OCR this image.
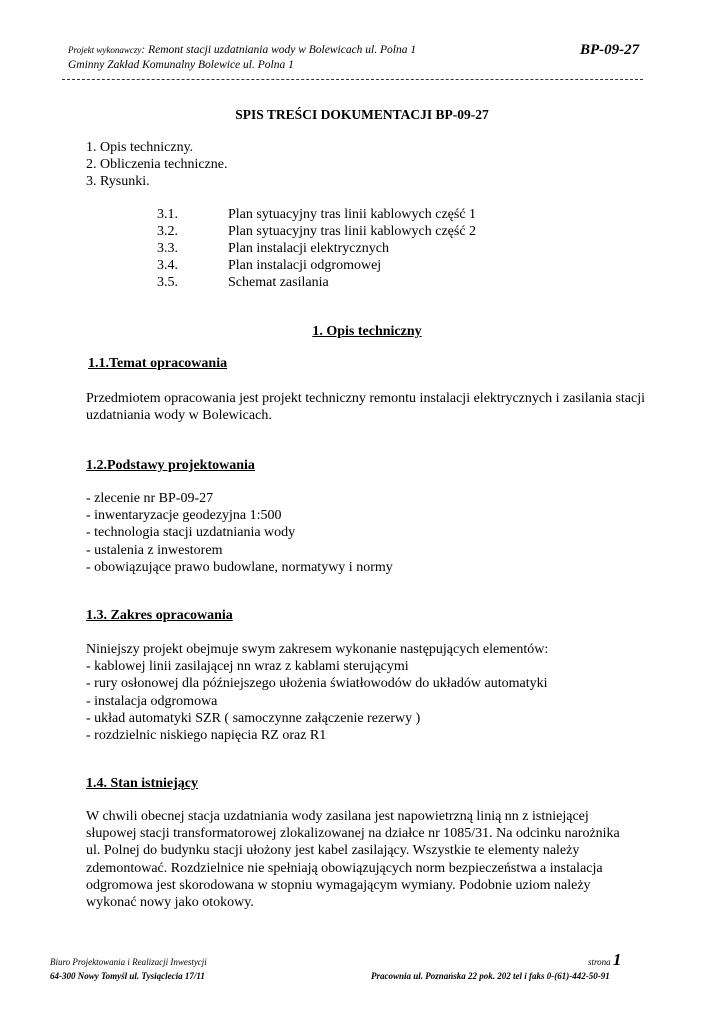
Projekt wykonawczy: Remont stacji uzdatniania wody w Bolewicach ul. Polna 1
Gminny Zakład Komunalny Bolewice ul. Polna 1
BP-09-27
SPIS TREŚCI DOKUMENTACJI BP-09-27
1. Opis techniczny.
2. Obliczenia techniczne.
3. Rysunki.
3.1.	Plan sytuacyjny tras linii kablowych część 1
3.2.	Plan sytuacyjny tras linii kablowych część 2
3.3.	Plan instalacji elektrycznych
3.4.	Plan instalacji odgromowej
3.5.	Schemat zasilania
1. Opis techniczny
1.1.Temat opracowania
Przedmiotem opracowania jest projekt techniczny remontu instalacji elektrycznych i zasilania stacji uzdatniania wody w Bolewicach.
1.2.Podstawy projektowania
- zlecenie nr BP-09-27
- inwentaryzacje geodezyjna 1:500
- technologia stacji uzdatniania wody
- ustalenia z inwestorem
- obowiązujące prawo budowlane, normatywy i normy
1.3. Zakres opracowania
Niniejszy projekt obejmuje swym zakresem wykonanie następujących elementów:
- kablowej linii zasilającej nn wraz z kablami sterującymi
- rury osłonowej dla późniejszego ułożenia światłowodów do układów automatyki
- instalacja odgromowa
- układ automatyki SZR ( samoczynne załączenie rezerwy )
- rozdzielnic niskiego napięcia RZ oraz R1
1.4. Stan istniejący
W chwili obecnej stacja uzdatniania wody zasilana jest napowietrzną linią nn z istniejącej
słupowej stacji transformatorowej zlokalizowanej na działce nr 1085/31. Na odcinku narożnika
ul. Polnej do budynku stacji ułożony jest kabel zasilający. Wszystkie te elementy należy
zdemontować. Rozdzielnice nie spełniają obowiązujących norm bezpieczeństwa a instalacja
odgromowa jest skorodowana w stopniu wymagającym wymiany. Podobnie uziom należy
wykonać nowy jako otokowy.
Biuro Projektowania i Realizacji Inwestycji
64-300 Nowy Tomyśl ul. Tysiąclecia 17/11
strona 1
Pracownia ul. Poznańska 22 pok. 202 tel i faks 0-(61)-442-50-91
